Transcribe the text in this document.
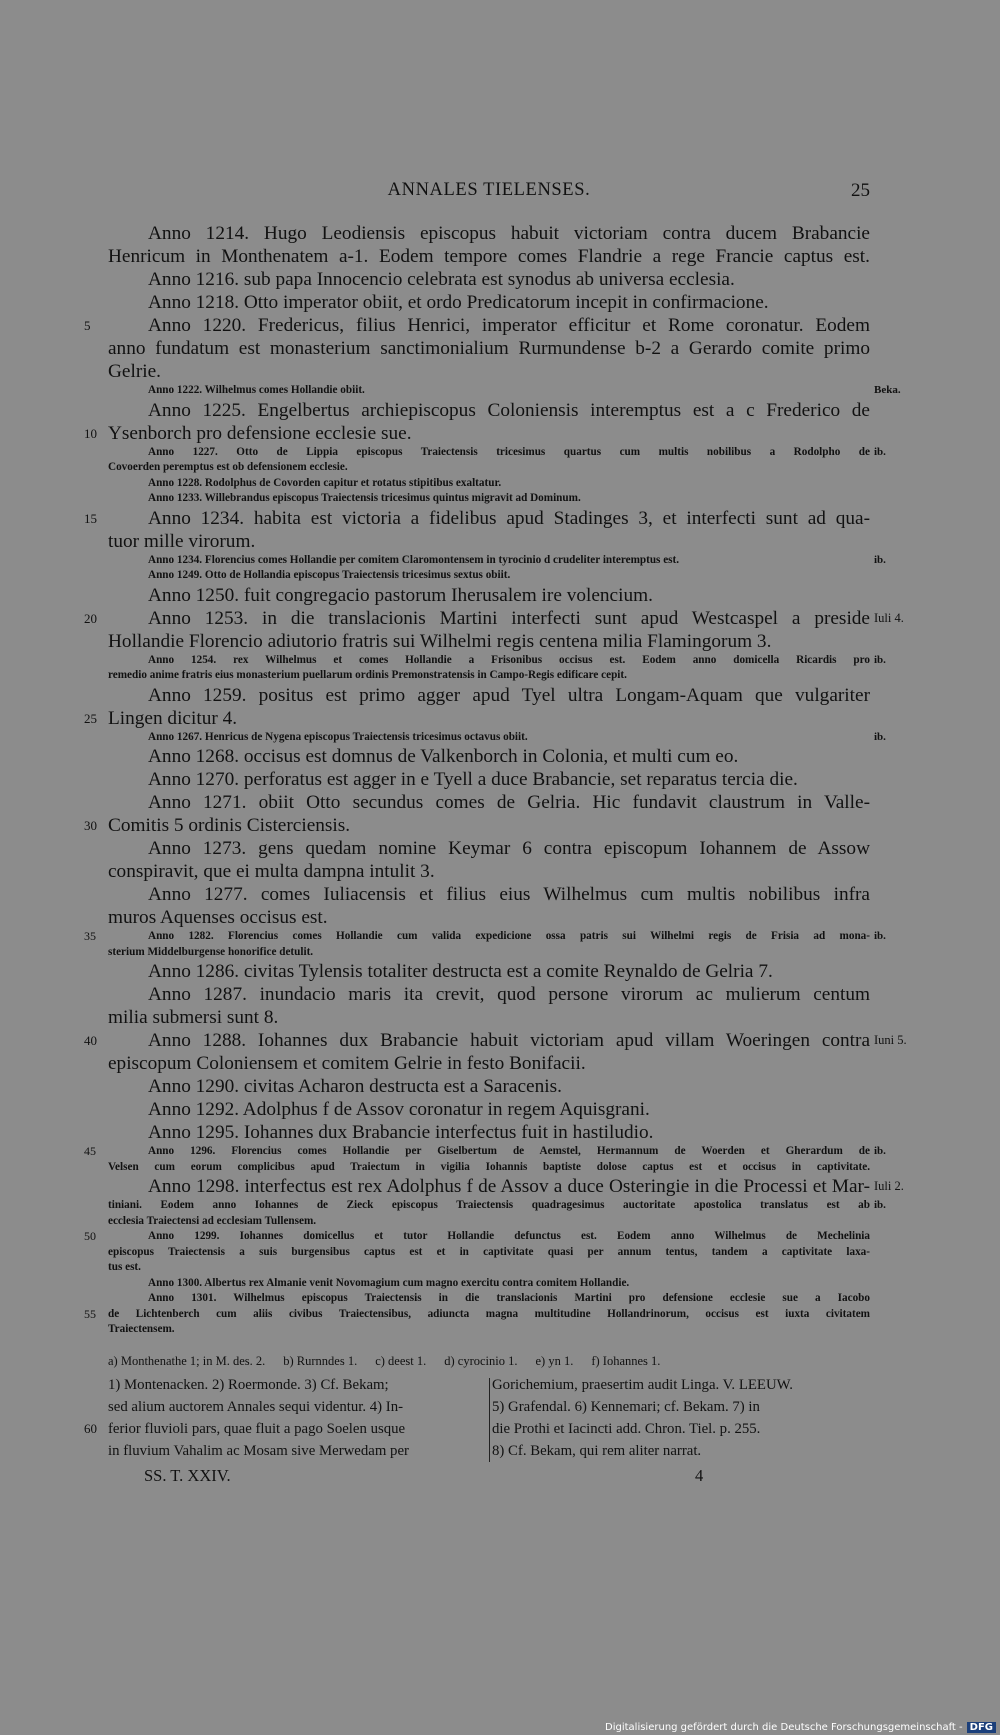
ANNALES TIELENSES.	25
Anno 1214. Hugo Leodiensis episcopus habuit victoriam contra ducem Brabancie
Henricum in Monthenatem a-1. Eodem tempore comes Flandrie a rege Francie captus est.
Anno 1216. sub papa Innocencio celebrata est synodus ab universa ecclesia.
Anno 1218. Otto imperator obiit, et ordo Predicatorum incepit in confirmacione.
Anno 1220. Fredericus, filius Henrici, imperator efficitur et Rome coronatur. Eodem
5
anno fundatum est monasterium sanctimonialium Rurmundense b-2 a Gerardo comite primo
Gelrie.
Anno 1222. Wilhelmus comes Hollandie obiit.	Beka.
Anno 1225. Engelbertus archiepiscopus Coloniensis interemptus est a c Frederico de
Ysenborch pro defensione ecclesie sue.
10
Anno 1227. Otto de Lippia episcopus Traiectensis tricesimus quartus cum multis nobilibus a Rodolpho de ib.
Covoerden peremptus est ob defensionem ecclesie.
Anno 1228. Rodolphus de Covorden capitur et rotatus stipitibus exaltatur.
Anno 1233. Willebrandus episcopus Traiectensis tricesimus quintus migravit ad Dominum.
Anno 1234. habita est victoria a fidelibus apud Stadinges 3, et interfecti sunt ad qua-
15
tuor mille virorum.
Anno 1234. Florencius comes Hollandie per comitem Claromontensem in tyrocinio d crudeliter interemptus est.	ib.
Anno 1249. Otto de Hollandia episcopus Traiectensis tricesimus sextus obiit.
Anno 1250. fuit congregacio pastorum Iherusalem ire volencium.
Anno 1253. in die translacionis Martini interfecti sunt apud Westcaspel a preside
20	Iuli 4.
Hollandie Florencio adiutorio fratris sui Wilhelmi regis centena milia Flamingorum 3.
Anno 1254. rex Wilhelmus et comes Hollandie a Frisonibus occisus est. Eodem anno domicella Ricardis pro ib.
remedio anime fratris eius monasterium puellarum ordinis Premonstratensis in Campo-Regis edificare cepit.
Anno 1259. positus est primo agger apud Tyel ultra Longam-Aquam que vulgariter
Lingen dicitur 4.
25
Anno 1267. Henricus de Nygena episcopus Traiectensis tricesimus octavus obiit.	ib.
Anno 1268. occisus est domnus de Valkenborch in Colonia, et multi cum eo.
Anno 1270. perforatus est agger in e Tyell a duce Brabancie, set reparatus tercia die.
Anno 1271. obiit Otto secundus comes de Gelria. Hic fundavit claustrum in Valle-
Comitis 5 ordinis Cisterciensis.
30
Anno 1273. gens quedam nomine Keymar 6 contra episcopum Iohannem de Assow
conspiravit, que ei multa dampna intulit 3.
Anno 1277. comes Iuliacensis et filius eius Wilhelmus cum multis nobilibus infra
muros Aquenses occisus est.
Anno 1282. Florencius comes Hollandie cum valida expedicione ossa patris sui Wilhelmi regis de Frisia ad mona-
35	ib.
sterium Middelburgense honorifice detulit.
Anno 1286. civitas Tylensis totaliter destructa est a comite Reynaldo de Gelria 7.
Anno 1287. inundacio maris ita crevit, quod persone virorum ac mulierum centum
milia submersi sunt 8.
Anno 1288. Iohannes dux Brabancie habuit victoriam apud villam Woeringen contra
40	Iuni 5.
episcopum Coloniensem et comitem Gelrie in festo Bonifacii.
Anno 1290. civitas Acharon destructa est a Saracenis.
Anno 1292. Adolphus f de Assov coronatur in regem Aquisgrani.
Anno 1295. Iohannes dux Brabancie interfectus fuit in hastiludio.
Anno 1296. Florencius comes Hollandie per Giselbertum de Aemstel, Hermannum de Woerden et Gherardum de
45	ib.
Velsen cum eorum complicibus apud Traiectum in vigilia Iohannis baptiste dolose captus est et occisus in captivitate.
Anno 1298. interfectus est rex Adolphus f de Assov a duce Osteringie in die Processi et Mar- Iuli 2.
tiniani. Eodem anno Iohannes de Zieck episcopus Traiectensis quadragesimus auctoritate apostolica translatus est ab ib.
ecclesia Traiectensi ad ecclesiam Tullensem.
Anno 1299. Iohannes domicellus et tutor Hollandie defunctus est. Eodem anno Wilhelmus de Mechelinia
50
episcopus Traiectensis a suis burgensibus captus est et in captivitate quasi per annum tentus, tandem a captivitate laxa-
tus est.
Anno 1300. Albertus rex Almanie venit Novomagium cum magno exercitu contra comitem Hollandie.
Anno 1301. Wilhelmus episcopus Traiectensis in die translacionis Martini pro defensione ecclesie sue a Iacobo
de Lichtenberch cum aliis civibus Traiectensibus, adiuncta magna multitudine Hollandrinorum, occisus est iuxta civitatem
55
Traiectensem.
a) Monthenathe 1; in M. des. 2. b) Rurnndes 1. c) deest 1. d) cyrocinio 1. e) yn 1. f) Iohannes 1.
1) Montenacken. 2) Roermonde. 3) Cf. Bekam;
sed alium auctorem Annales sequi videntur. 4) In-
ferior fluvioli pars, quae fluit a pago Soelen usque
60
in fluvium Vahalim ac Mosam sive Merwedam per
Gorichemium, praesertim audit Linga. V. LEEUW.
5) Grafendal. 6) Kennemari; cf. Bekam. 7) in
die Prothi et Iacincti add. Chron. Tiel. p. 255.
8) Cf. Bekam, qui rem aliter narrat.
SS. T. XXIV.	4
Digitalisierung gefördert durch die Deutsche Forschungsgemeinschaft - DFG
